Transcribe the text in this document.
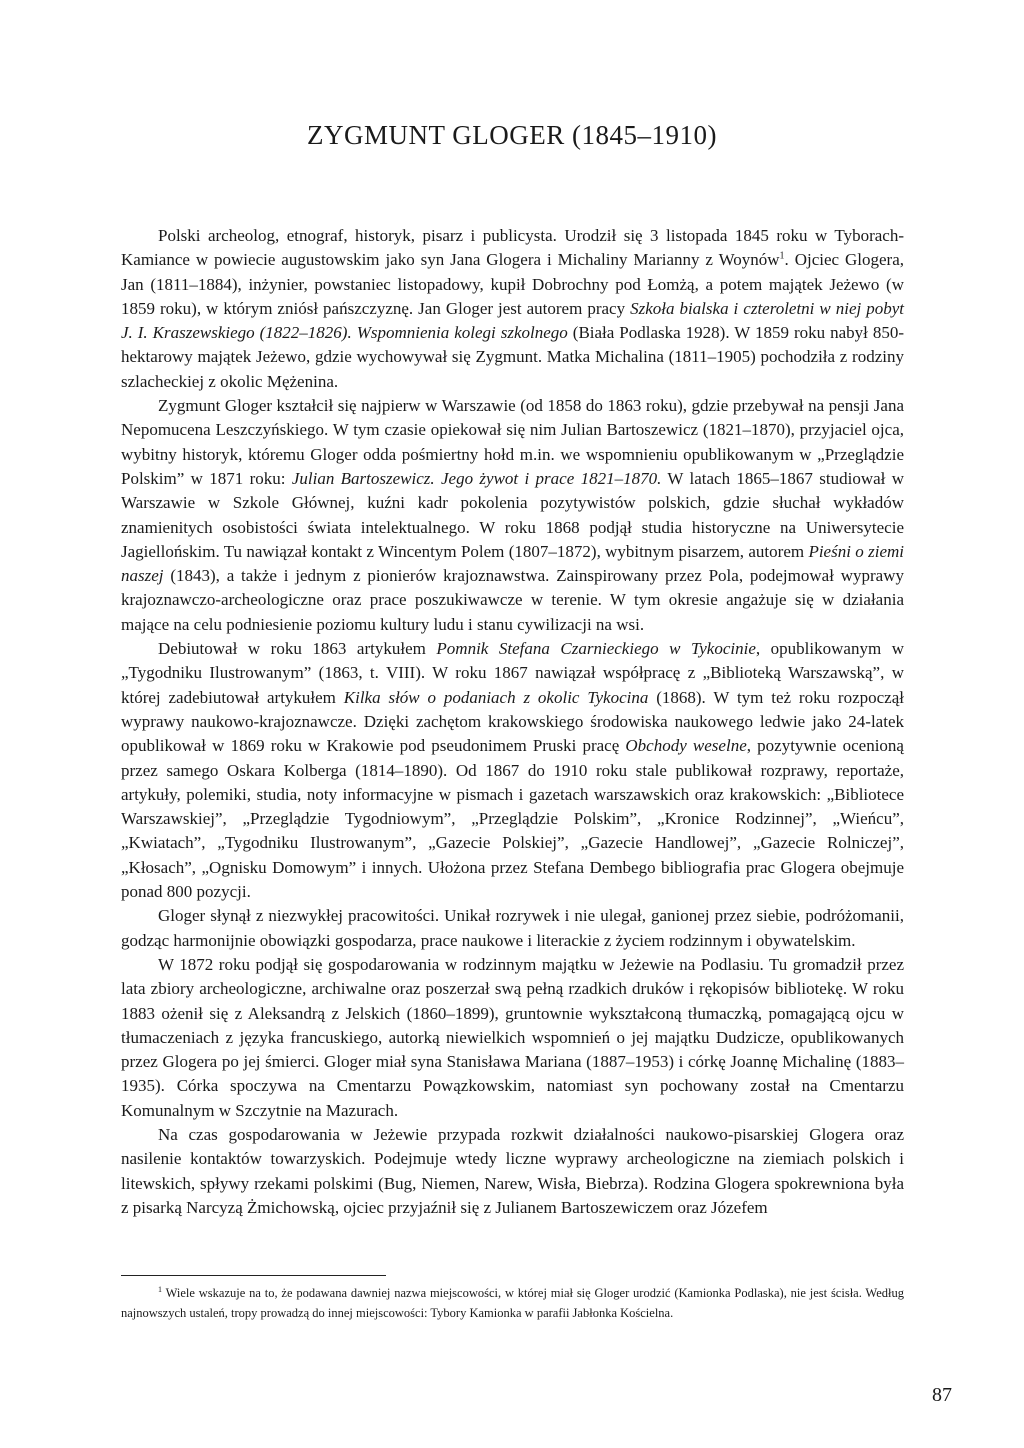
ZYGMUNT GLOGER (1845–1910)

Polski archeolog, etnograf, historyk, pisarz i publicysta. Urodził się 3 listopada 1845 roku w Tyborach-Kamiance w powiecie augustowskim jako syn Jana Glogera i Michaliny Marianny z Woynów$^1$. Ojciec Glogera, Jan (1811–1884), inżynier, powstaniec listopadowy, kupił Dobrochny pod Łomżą, a potem majątek Jeżewo (w 1859 roku), w którym zniósł pańszczyznę. Jan Gloger jest autorem pracy Szkoła bialska i czteroletni w niej pobyt J. I. Kraszewskiego (1822–1826). Wspomnienia kolegi szkolnego (Biała Podlaska 1928). W 1859 roku nabył 850-hektarowy majątek Jeżewo, gdzie wychowywał się Zygmunt. Matka Michalina (1811–1905) pochodziła z rodziny szlacheckiej z okolic Mężenina.

Zygmunt Gloger kształcił się najpierw w Warszawie (od 1858 do 1863 roku), gdzie przebywał na pensji Jana Nepomucena Leszczyńskiego. W tym czasie opiekował się nim Julian Bartoszewicz (1821–1870), przyjaciel ojca, wybitny historyk, któremu Gloger odda pośmiertny hołd m.in. we wspomnieniu opublikowanym w „Przeglądzie Polskim” w 1871 roku: Julian Bartoszewicz. Jego żywot i prace 1821–1870. W latach 1865–1867 studiował w Warszawie w Szkole Głównej, kuźni kadr pokolenia pozytywistów polskich, gdzie słuchał wykładów znamienitych osobistości świata intelektualnego. W roku 1868 podjął studia historyczne na Uniwersytecie Jagiellońskim. Tu nawiązał kontakt z Wincentym Polem (1807–1872), wybitnym pisarzem, autorem Pieśni o ziemi naszej (1843), a także i jednym z pionierów krajoznawstwa. Zainspirowany przez Pola, podejmował wyprawy krajoznawczo-archeologiczne oraz prace poszukiwawcze w terenie. W tym okresie angażuje się w działania mające na celu podniesienie poziomu kultury ludu i stanu cywilizacji na wsi.

Debiutował w roku 1863 artykułem Pomnik Stefana Czarnieckiego w Tykocinie, opublikowanym w „Tygodniku Ilustrowanym” (1863, t. VIII). W roku 1867 nawiązał współpracę z „Biblioteką Warszawską”, w której zadebiutował artykułem Kilka słów o podaniach z okolic Tykocina (1868). W tym też roku rozpoczął wyprawy naukowo-krajoznawcze. Dzięki zachętom krakowskiego środowiska naukowego ledwie jako 24-latek opublikował w 1869 roku w Krakowie pod pseudonimem Pruski pracę Obchody weselne, pozytywnie ocenioną przez samego Oskara Kolberga (1814–1890). Od 1867 do 1910 roku stale publikował rozprawy, reportaże, artykuły, polemiki, studia, noty informacyjne w pismach i gazetach warszawskich oraz krakowskich: „Bibliotece Warszawskiej”, „Przeglądzie Tygodniowym”, „Przeglądzie Polskim”, „Kronice Rodzinnej”, „Wieńcu”, „Kwiatach”, „Tygodniku Ilustrowanym”, „Gazecie Polskiej”, „Gazecie Handlowej”, „Gazecie Rolniczej”, „Kłosach”, „Ognisku Domowym” i innych. Ułożona przez Stefana Dembego bibliografia prac Glogera obejmuje ponad 800 pozycji.

Gloger słynął z niezwykłej pracowitości. Unikał rozrywek i nie ulegał, ganionej przez siebie, podróżomanii, godząc harmonijnie obowiązki gospodarza, prace naukowe i literackie z życiem rodzinnym i obywatelskim.

W 1872 roku podjął się gospodarowania w rodzinnym majątku w Jeżewie na Podlasiu. Tu gromadził przez lata zbiory archeologiczne, archiwalne oraz poszerzał swą pełną rzadkich druków i rękopisów bibliotekę. W roku 1883 ożenił się z Aleksandrą z Jelskich (1860–1899), gruntownie wykształconą tłumaczką, pomagającą ojcu w tłumaczeniach z języka francuskiego, autorką niewielkich wspomnień o jej majątku Dudzicze, opublikowanych przez Glogera po jej śmierci. Gloger miał syna Stanisława Mariana (1887–1953) i córkę Joannę Michalinę (1883–1935). Córka spoczywa na Cmentarzu Powązkowskim, natomiast syn pochowany został na Cmentarzu Komunalnym w Szczytnie na Mazurach.

Na czas gospodarowania w Jeżewie przypada rozkwit działalności naukowo-pisarskiej Glogera oraz nasilenie kontaktów towarzyskich. Podejmuje wtedy liczne wyprawy archeologiczne na ziemiach polskich i litewskich, spływy rzekami polskimi (Bug, Niemen, Narew, Wisła, Biebrza). Rodzina Glogera spokrewniona była z pisarką Narcyzą Żmichowską, ojciec przyjaźnił się z Julianem Bartoszewiczem oraz Józefem

$^1$ Wiele wskazuje na to, że podawana dawniej nazwa miejscowości, w której miał się Gloger urodzić (Kamionka Podlaska), nie jest ścisła. Według najnowszych ustaleń, tropy prowadzą do innej miejscowości: Tybory Kamionka w parafii Jabłonka Kościelna.
87
